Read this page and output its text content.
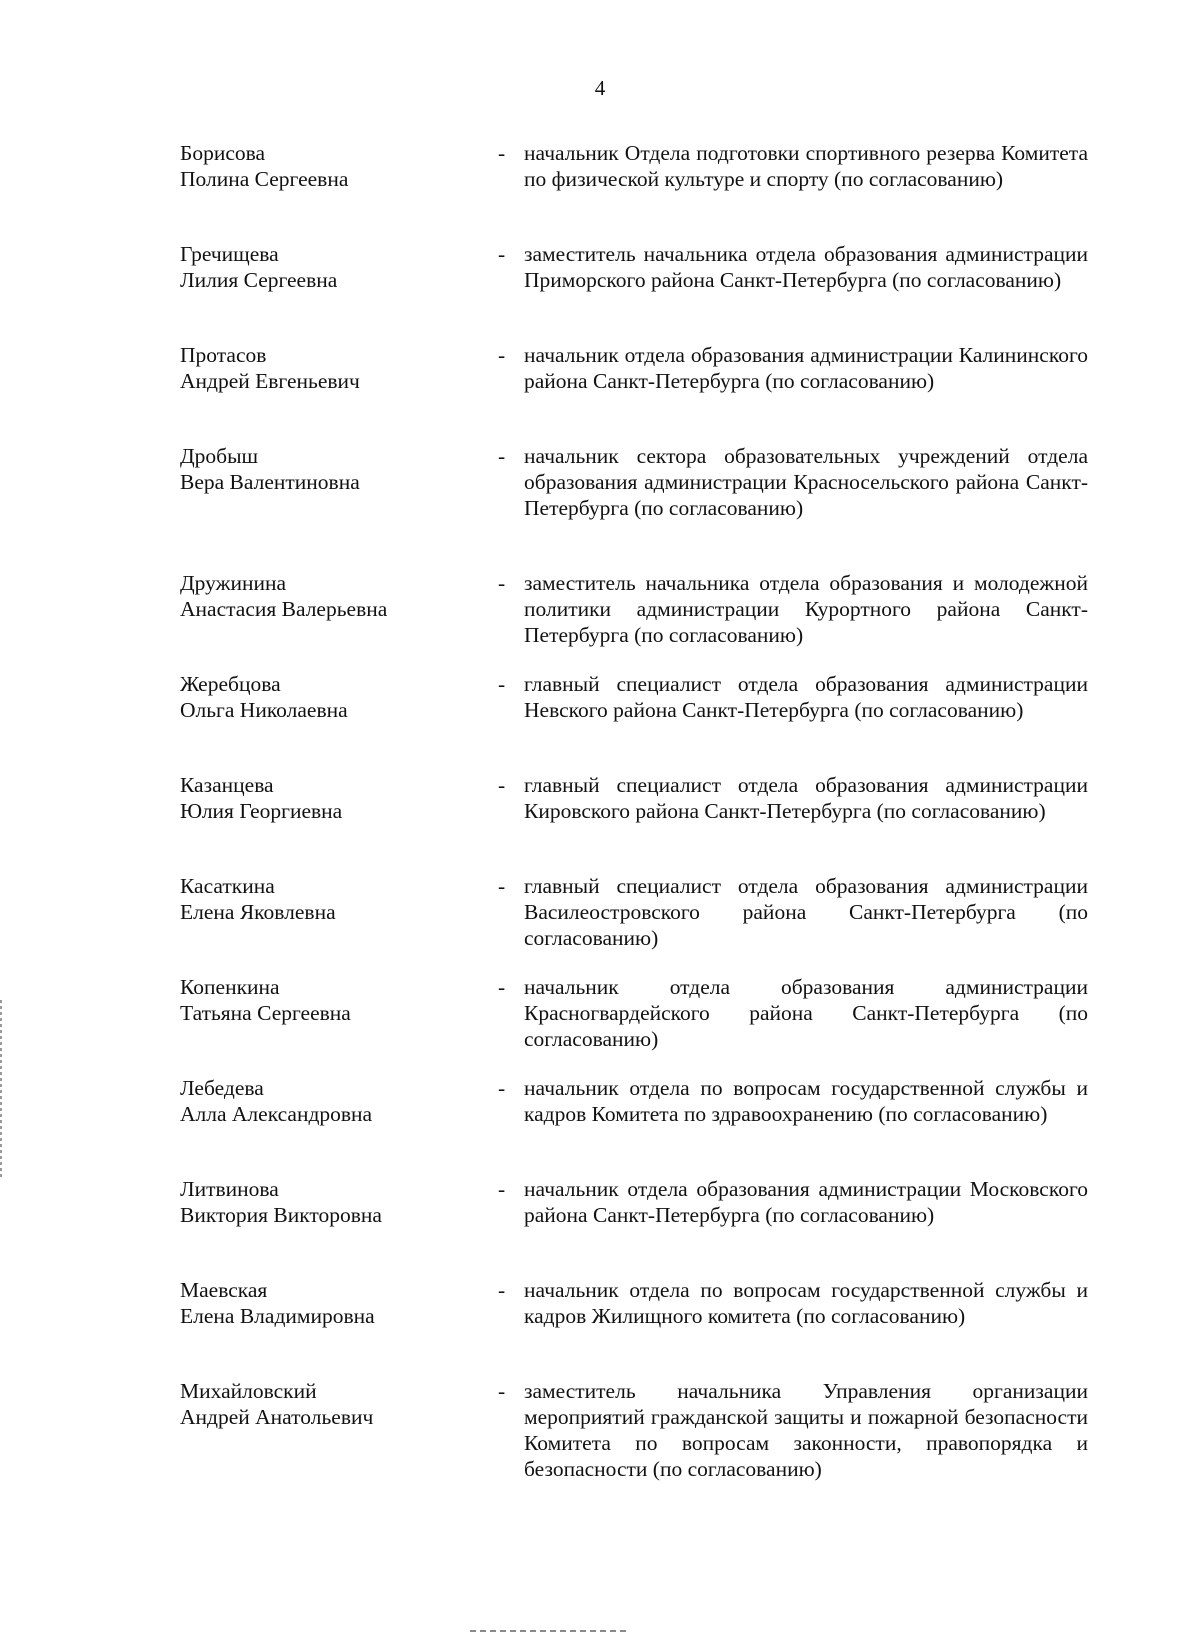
4
Борисова
Полина Сергеевна
- начальник Отдела подготовки спортивного резерва Комитета по физической культуре и спорту (по согласованию)
Гречищева
Лилия Сергеевна
- заместитель начальника отдела образования администрации Приморского района Санкт-Петербурга (по согласованию)
Протасов
Андрей Евгеньевич
- начальник отдела образования администрации Калининского района Санкт-Петербурга (по согласованию)
Дробыш
Вера Валентиновна
- начальник сектора образовательных учреждений отдела образования администрации Красносельского района Санкт-Петербурга (по согласованию)
Дружинина
Анастасия Валерьевна
- заместитель начальника отдела образования и молодежной политики администрации Курортного района Санкт-Петербурга (по согласованию)
Жеребцова
Ольга Николаевна
- главный специалист отдела образования администрации Невского района Санкт-Петербурга (по согласованию)
Казанцева
Юлия Георгиевна
- главный специалист отдела образования администрации Кировского района Санкт-Петербурга (по согласованию)
Касаткина
Елена Яковлевна
- главный специалист отдела образования администрации Василеостровского района Санкт-Петербурга (по согласованию)
Копенкина
Татьяна Сергеевна
- начальник отдела образования администрации Красногвардейского района Санкт-Петербурга (по согласованию)
Лебедева
Алла Александровна
- начальник отдела по вопросам государственной службы и кадров Комитета по здравоохранению (по согласованию)
Литвинова
Виктория Викторовна
- начальник отдела образования администрации Московского района Санкт-Петербурга (по согласованию)
Маевская
Елена Владимировна
- начальник отдела по вопросам государственной службы и кадров Жилищного комитета (по согласованию)
Михайловский
Андрей Анатольевич
- заместитель начальника Управления организации мероприятий гражданской защиты и пожарной безопасности Комитета по вопросам законности, правопорядка и безопасности (по согласованию)
